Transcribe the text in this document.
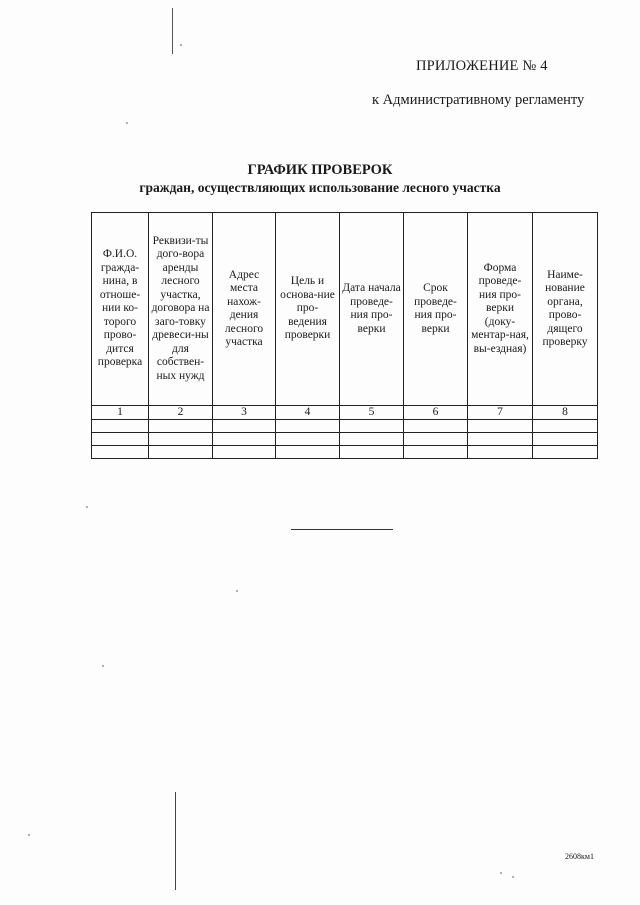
ПРИЛОЖЕНИЕ № 4
к Административному регламенту
ГРАФИК ПРОВЕРОК
граждан, осуществляющих использование лесного участка
Ф.И.О. гражда-нина, в отноше-нии ко-торого прово-дится проверка	Реквизи-ты дого-вора аренды лесного участка, договора на заго-товку древеси-ны для собствен-ных нужд	Адрес места нахож-дения лесного участка	Цель и основа-ние про-ведения проверки	Дата начала проведе-ния про-верки	Срок проведе-ния про-верки	Форма проведе-ния про-верки (доку-ментар-ная, вы-ездная)	Наиме-нование органа, прово-дящего проверку
1	2	3	4	5	6	7	8

2608км1
